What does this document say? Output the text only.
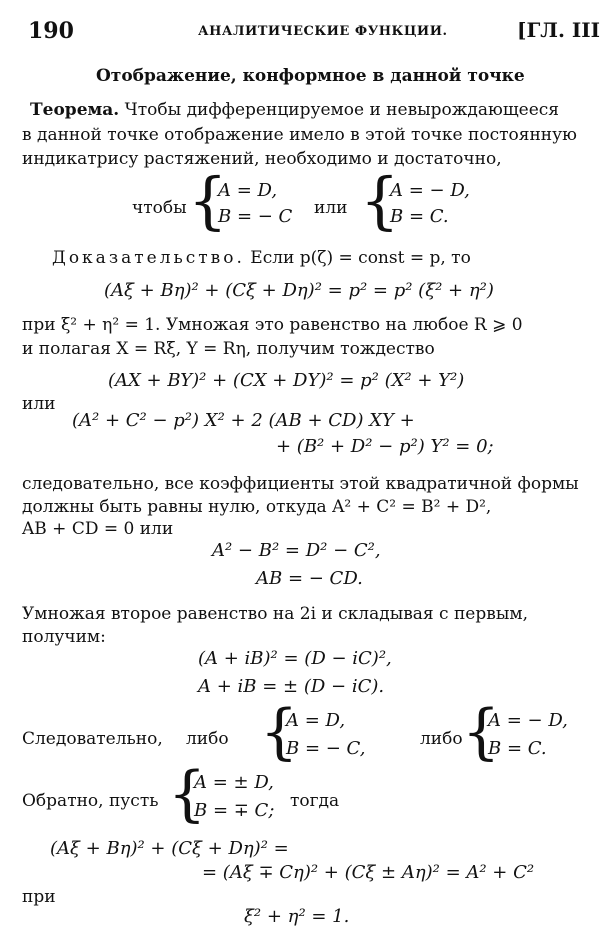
190	АНАЛИТИЧЕСКИЕ ФУНКЦИИ.	[ГЛ. III
Отображение, конформное в данной точке
Теорема. Чтобы дифференцируемое и невырождающееся
в данной точке отображение имело в этой точке постоянную
индикатрису растяжений, необходимо и достаточно,
чтобы {
A = D,
B = − C или {
A = − D,
B = C.
Доказательство. Если p(ζ) = const = p, то
(Aξ + Bη)² + (Cξ + Dη)² = p² = p² (ξ² + η²)
при ξ² + η² = 1. Умножая это равенство на любое R ⩾ 0
и полагая X = Rξ, Y = Rη, получим тождество
(AX + BY)² + (CX + DY)² = p² (X² + Y²)
или
(A² + C² − p²) X² + 2 (AB + CD) XY +
+ (B² + D² − p²) Y² = 0;
следовательно, все коэффициенты этой квадратичной формы
должны быть равны нулю, откуда A² + C² = B² + D²,
AB + CD = 0 или
A² − B² = D² − C²,
AB = − CD.
Умножая второе равенство на 2i и складывая с первым,
получим:
(A + iB)² = (D − iC)²,
A + iB = ± (D − iC).
Следовательно, либо {
A = D,
B = − C,	либо {
A = − D,
B = C.
Обратно, пусть {
A = ± D,
B = ∓ C; тогда
(Aξ + Bη)² + (Cξ + Dη)² =
= (Aξ ∓ Cη)² + (Cξ ± Aη)² = A² + C²
при
ξ² + η² = 1.
